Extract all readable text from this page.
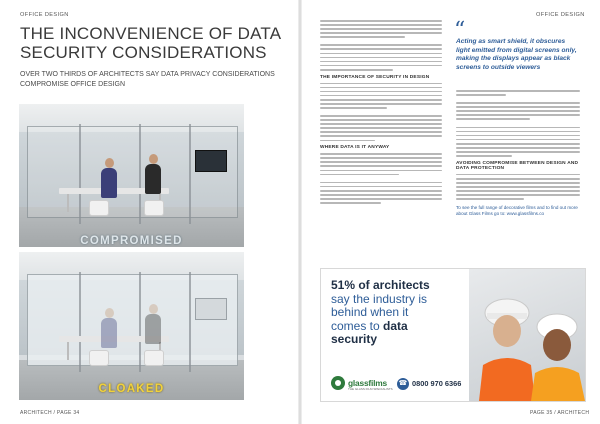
OFFICE DESIGN
THE INCONVENIENCE OF DATA SECURITY CONSIDERATIONS

OVER TWO THIRDS OF ARCHITECTS SAY DATA PRIVACY CONSIDERATIONS COMPROMISE OFFICE DESIGN

COMPROMISED
CLOAKED
ARCHITECH / PAGE 34
OFFICE DESIGN
THE IMPORTANCE OF SECURITY IN DESIGN
WHERE DATA IS IT ANYWAY
“

Acting as smart shield, it obscures light emitted from digital screens only, making the displays appear as black screens to outside viewers

AVOIDING COMPROMISE BETWEEN DESIGN AND DATA PROTECTION
To see the full range of decorative films and to find out more about Glass Films go to: www.glassfilms.co
51% of architects
say the industry is
behind when it
comes to data
security
glassfilms
THE GLASS FILM SPECIALISTS
☎ 0800 970 6366
PAGE 35 / ARCHITECH
